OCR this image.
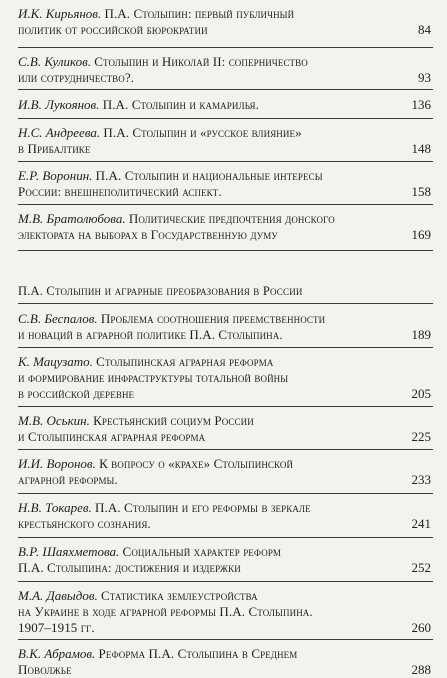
И.К. Кирьянов.
П.А. Столыпин: первый публичный
политик от российской бюрократии	84
С.В. Куликов.
Столыпин и Николай II: соперничество
или сотрудничество?.	93
И.В. Лукоянов.
П.А. Столыпин и камарилья.	136
Н.С. Андреева.
П.А. Столыпин и «русское влияние»
в Прибалтике	148
Е.Р. Воронин.
П.А. Столыпин и национальные интересы
России: внешнеполитический аспект.	158
М.В. Братолюбова.
Политические предпочтения донского
электората на выборах в Государственную думу	169
П.А. Столыпин и аграрные преобразования в России
С.В. Беспалов.
Проблема соотношения преемственности
и новаций в аграрной политике П.А. Столыпина.	189
К. Мацузато.
Столыпинская аграрная реформа
и формирование инфраструктуры тотальной войны
в российской деревне	205
М.В. Оськин.
Крестьянский социум России
и Столыпинская аграрная реформа	225
И.И. Воронов.
К вопросу о «крахе» Столыпинской
аграрной реформы.	233
Н.В. Токарев.
П.А. Столыпин и его реформы в зеркале
крестьянского сознания.	241
В.Р. Шаяхметова.
Социальный характер реформ
П.А. Столыпина: достижения и издержки	252
М.А. Давыдов.
Статистика землеустройства
на Украине в ходе аграрной реформы П.А. Столыпина.
1907–1915 гг.	260
В.К. Абрамов.
Реформа П.А. Столыпина в Среднем
Поволжье	288
